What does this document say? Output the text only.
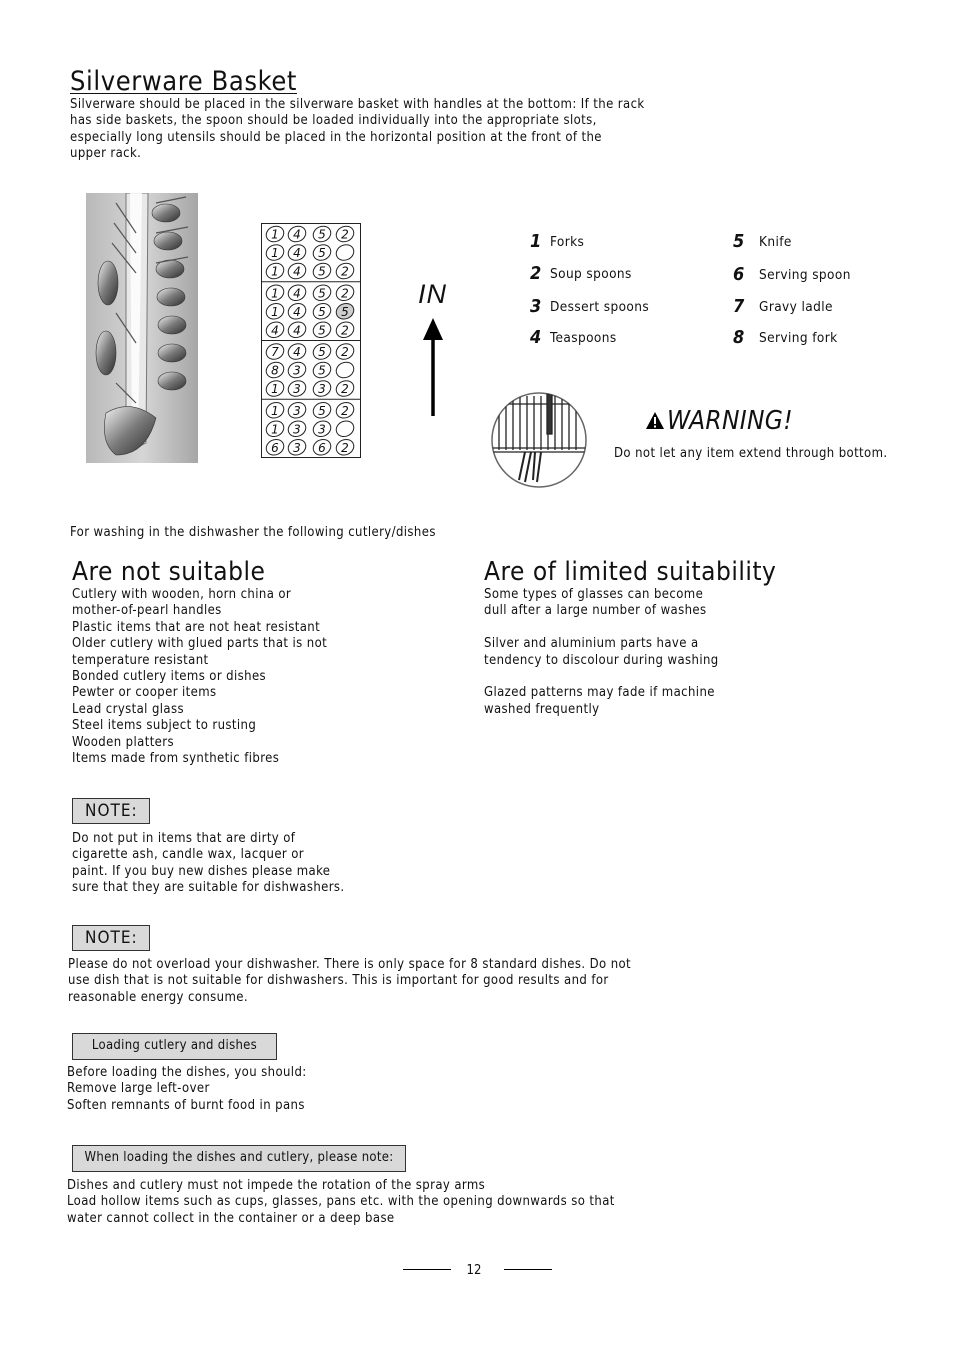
Silverware Basket
Silverware should be placed in the silverware basket with handles at the bottom: If the rack
has side baskets, the spoon should be loaded individually into the appropriate slots,
especially long utensils should be placed in the horizontal position at the front of the
upper rack.
1 4 5 2
1 4 5
1 4 5 2
1 4 5 2
1 4 5 5
4 4 5 2
7 4 5 2
8 3 5
1 3 3 2
1 3 5 2
1 3 3
6 3 6 2
IN
1 Forks
2 Soup spoons
3 Dessert spoons
4 Teaspoons
5	Knife
6	Serving spoon
7	Gravy ladle
8	Serving fork
WARNING!
Do not let any item extend through bottom.
For washing in the dishwasher the following cutlery/dishes
Are not suitable
Cutlery with wooden, horn china or
mother-of-pearl handles
Plastic items that are not heat resistant
Older cutlery with glued parts that is not
temperature resistant
Bonded cutlery items or dishes
Pewter or cooper items
Lead crystal glass
Steel items subject to rusting
Wooden platters
Items made from synthetic fibres
Are of limited suitability
Some types of glasses can become
dull after a large number of washes

Silver and aluminium parts have a
tendency to discolour during washing

Glazed patterns may fade if machine
washed frequently
NOTE:
Do not put in items that are dirty of
cigarette ash, candle wax, lacquer or
paint. If you buy new dishes please make
sure that they are suitable for dishwashers.
NOTE:
Please do not overload your dishwasher. There is only space for 8 standard dishes. Do not
use dish that is not suitable for dishwashers. This is important for good results and for
reasonable energy consume.
Loading cutlery and dishes
Before loading the dishes, you should:
Remove large left-over
Soften remnants of burnt food in pans
When loading the dishes and cutlery, please note:
Dishes and cutlery must not impede the rotation of the spray arms
Load hollow items such as cups, glasses, pans etc. with the opening downwards so that
water cannot collect in the container or a deep base
12
